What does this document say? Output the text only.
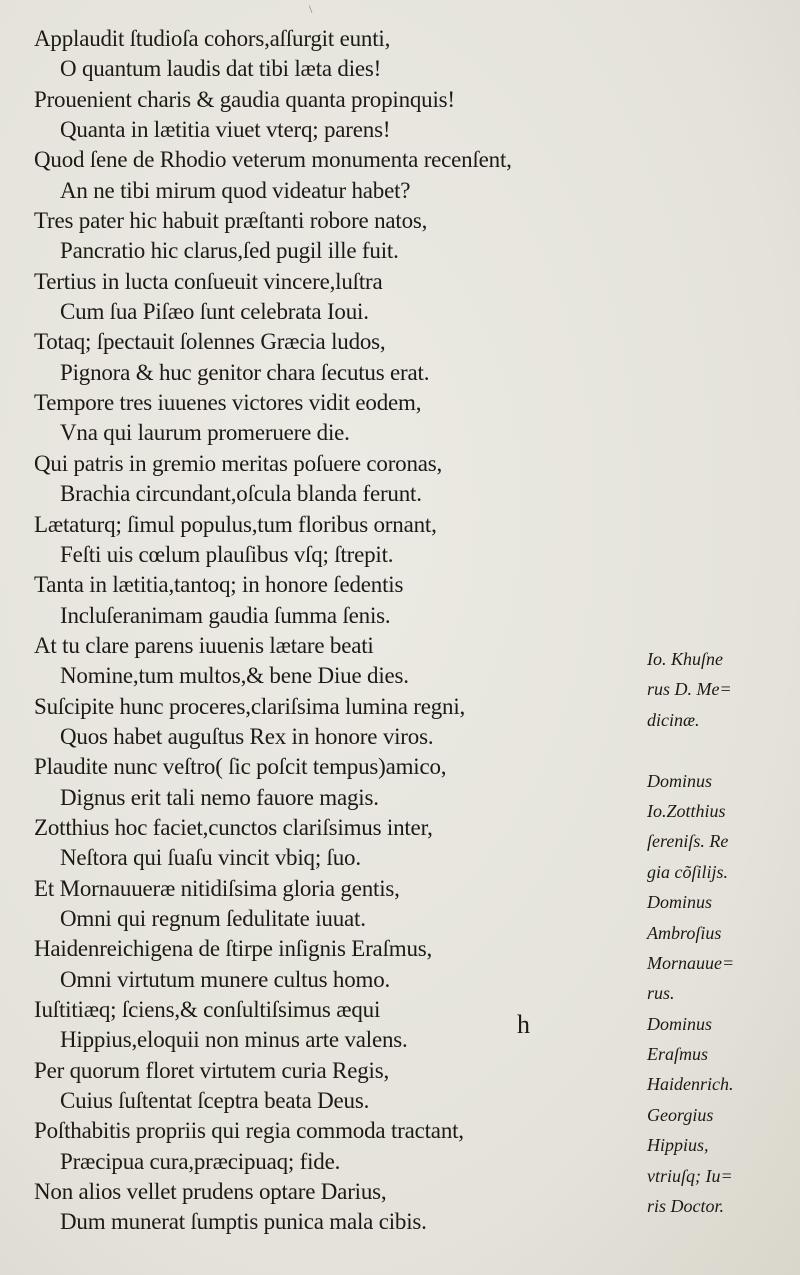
\
Applaudit ſtudioſa cohors,aſſurgit eunti,
O quantum laudis dat tibi læta dies!
Prouenient charis & gaudia quanta propinquis!
Quanta in lætitia viuet vterq; parens!
Quod ſene de Rhodio veterum monumenta recenſent,
An ne tibi mirum quod videatur habet?
Tres pater hic habuit præſtanti robore natos,
Pancratio hic clarus,ſed pugil ille fuit.
Tertius in lucta conſueuit vincere,luſtra
Cum ſua Piſæo ſunt celebrata Ioui.
Totaq; ſpectauit ſolennes Græcia ludos,
Pignora & huc genitor chara ſecutus erat.
Tempore tres iuuenes victores vidit eodem,
Vna qui laurum promeruere die.
Qui patris in gremio meritas poſuere coronas,
Brachia circundant,oſcula blanda ferunt.
Lætaturq; ſimul populus,tum floribus ornant,
Feſti uis cœlum plauſibus vſq; ſtrepit.
Tanta in lætitia,tantoq; in honore ſedentis
Incluſeranimam gaudia ſumma ſenis.
At tu clare parens iuuenis lætare beati
Nomine,tum multos,& bene Diue dies.
Suſcipite hunc proceres,clariſsima lumina regni,
Quos habet auguſtus Rex in honore viros.
Plaudite nunc veſtro( ſic poſcit tempus)amico,
Dignus erit tali nemo fauore magis.
Zotthius hoc faciet,cunctos clariſsimus inter,
Neſtora qui ſuaſu vincit vbiq; ſuo.
Et Mornauueræ nitidiſsima gloria gentis,
Omni qui regnum ſedulitate iuuat.
Haidenreichigena de ſtirpe inſignis Eraſmus,
Omni virtutum munere cultus homo.
Iuſtitiæq; ſciens,& conſultiſsimus æqui
Hippius,eloquii non minus arte valens.
Per quorum floret virtutem curia Regis,
Cuius ſuſtentat ſceptra beata Deus.
Poſthabitis propriis qui regia commoda tractant,
Præcipua cura,præcipuaq; fide.
Non alios vellet prudens optare Darius,
Dum munerat ſumptis punica mala cibis.
Io. Khuſne
rus D. Me=
dicinæ.
Dominus
Io.Zotthius
ſereniſs. Re
gia cõſilijs.
Dominus
Ambroſius
Mornauue=
rus.
Dominus
Eraſmus
Haidenrich.
Georgius
Hippius,
vtriuſq; Iu=
ris Doctor.
h
